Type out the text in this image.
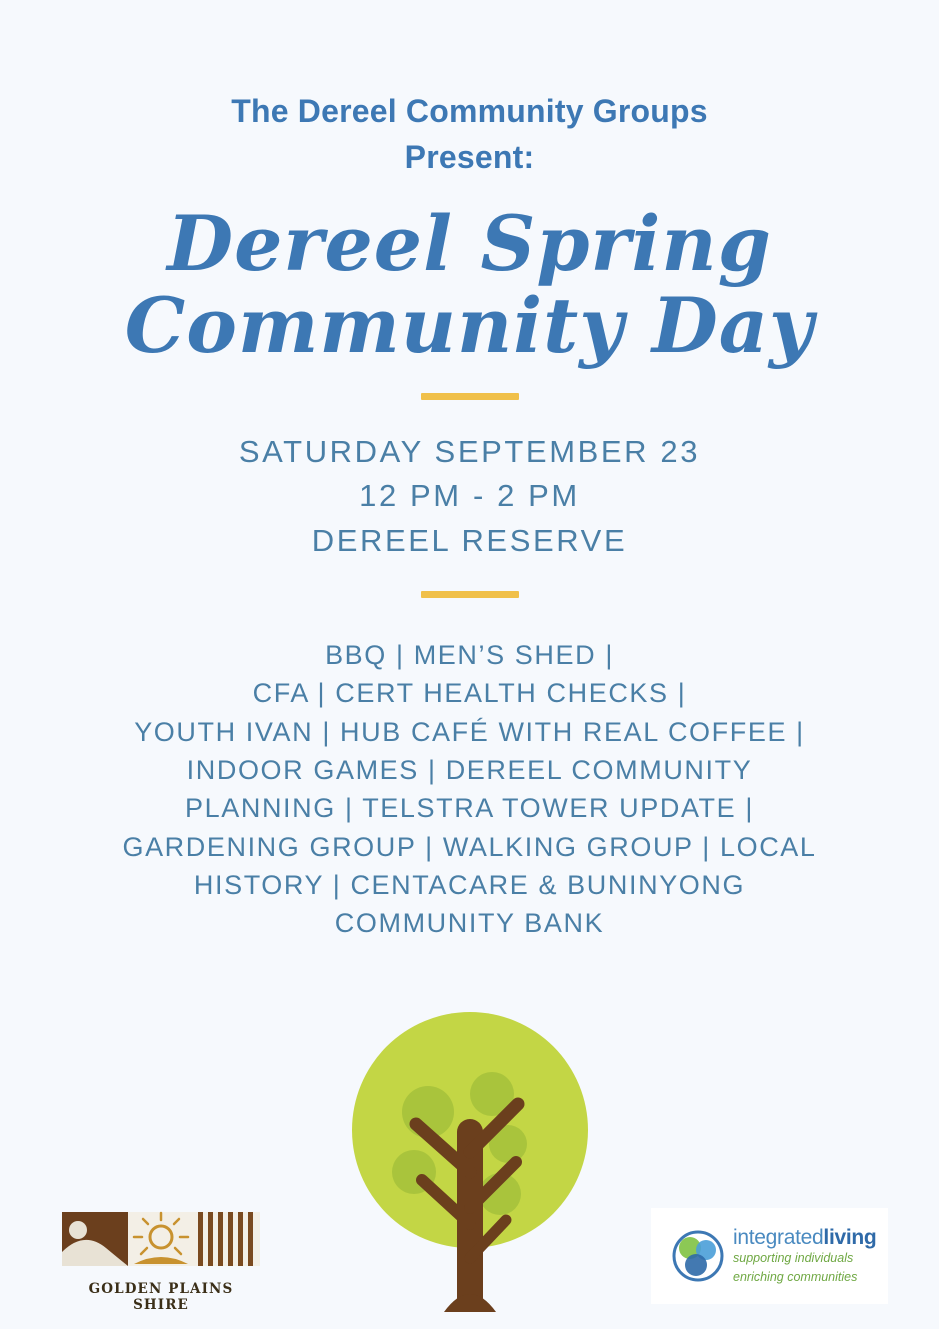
The Dereel Community Groups
Present:
Dereel Spring
Community Day
SATURDAY SEPTEMBER 23
12 PM - 2 PM
DEREEL RESERVE
BBQ | MEN’S SHED |
CFA | CERT HEALTH CHECKS |
YOUTH IVAN | HUB CAFÉ WITH REAL COFFEE |
INDOOR GAMES | DEREEL COMMUNITY
PLANNING | TELSTRA TOWER UPDATE |
GARDENING GROUP | WALKING GROUP | LOCAL
HISTORY | CENTACARE & BUNINYONG
COMMUNITY BANK
GOLDEN PLAINS SHIRE
integratedliving
supporting individuals
enriching communities
